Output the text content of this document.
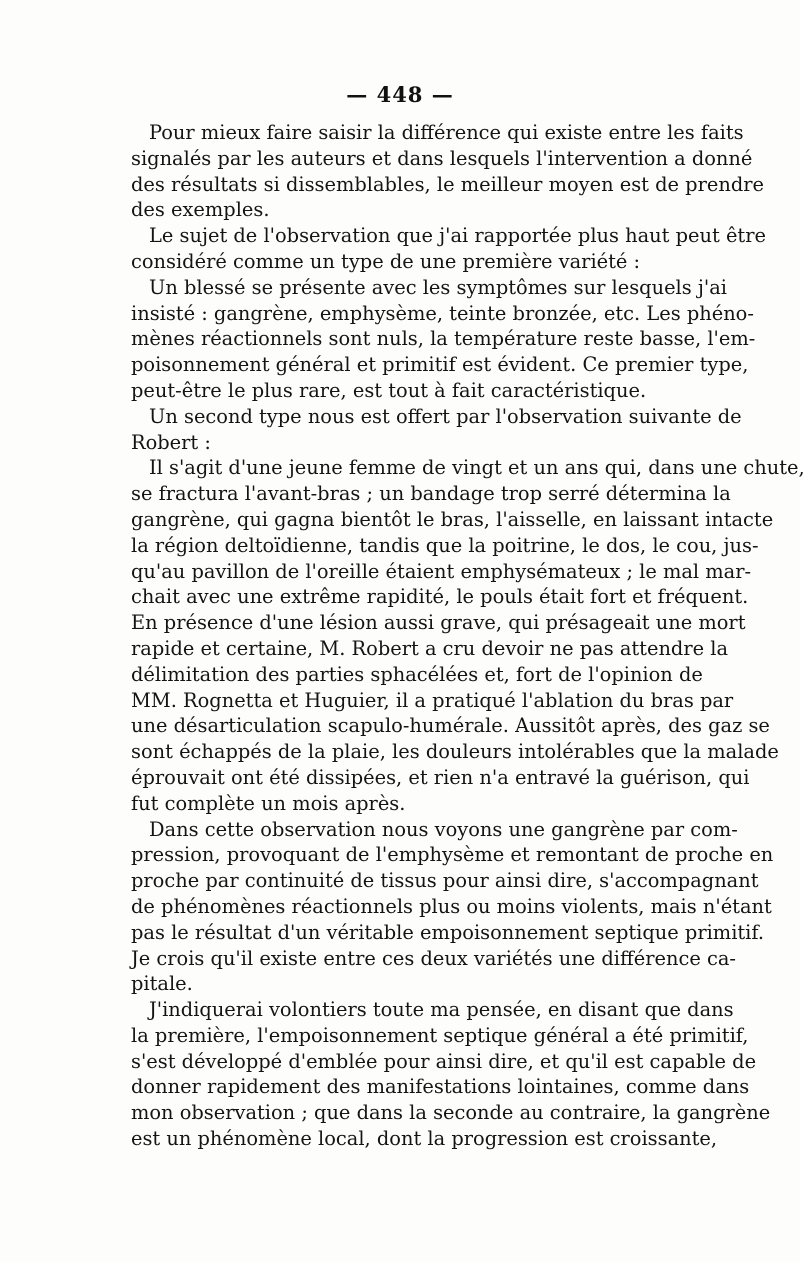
— 448 —
Pour mieux faire saisir la différence qui existe entre les faits
signalés par les auteurs et dans lesquels l'intervention a donné
des résultats si dissemblables, le meilleur moyen est de prendre
des exemples.
Le sujet de l'observation que j'ai rapportée plus haut peut être
considéré comme un type de une première variété :
Un blessé se présente avec les symptômes sur lesquels j'ai
insisté : gangrène, emphysème, teinte bronzée, etc. Les phéno-
mènes réactionnels sont nuls, la température reste basse, l'em-
poisonnement général et primitif est évident. Ce premier type,
peut-être le plus rare, est tout à fait caractéristique.
Un second type nous est offert par l'observation suivante de
Robert :
Il s'agit d'une jeune femme de vingt et un ans qui, dans une chute,
se fractura l'avant-bras ; un bandage trop serré détermina la
gangrène, qui gagna bientôt le bras, l'aisselle, en laissant intacte
la région deltoïdienne, tandis que la poitrine, le dos, le cou, jus-
qu'au pavillon de l'oreille étaient emphysémateux ; le mal mar-
chait avec une extrême rapidité, le pouls était fort et fréquent.
En présence d'une lésion aussi grave, qui présageait une mort
rapide et certaine, M. Robert a cru devoir ne pas attendre la
délimitation des parties sphacélées et, fort de l'opinion de
MM. Rognetta et Huguier, il a pratiqué l'ablation du bras par
une désarticulation scapulo-humérale. Aussitôt après, des gaz se
sont échappés de la plaie, les douleurs intolérables que la malade
éprouvait ont été dissipées, et rien n'a entravé la guérison, qui
fut complète un mois après.
Dans cette observation nous voyons une gangrène par com-
pression, provoquant de l'emphysème et remontant de proche en
proche par continuité de tissus pour ainsi dire, s'accompagnant
de phénomènes réactionnels plus ou moins violents, mais n'étant
pas le résultat d'un véritable empoisonnement septique primitif.
Je crois qu'il existe entre ces deux variétés une différence ca-
pitale.
J'indiquerai volontiers toute ma pensée, en disant que dans
la première, l'empoisonnement septique général a été primitif,
s'est développé d'emblée pour ainsi dire, et qu'il est capable de
donner rapidement des manifestations lointaines, comme dans
mon observation ; que dans la seconde au contraire, la gangrène
est un phénomène local, dont la progression est croissante,
